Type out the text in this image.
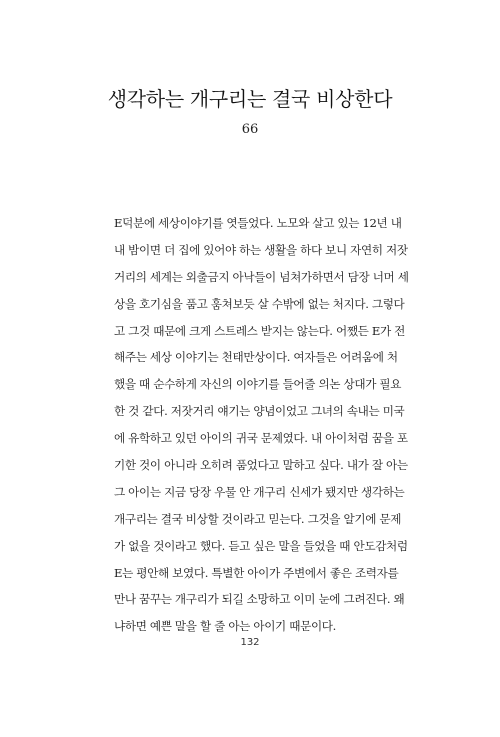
생각하는 개구리는 결국 비상한다
66
E덕분에 세상이야기를 엿들었다. 노모와 살고 있는 12년 내
내 밤이면 더 집에 있어야 하는 생활을 하다 보니 자연히 저잣
거리의 세계는 외출금지 아낙들이 넘쳐가하면서 담장 너머 세
상을 호기심을 품고 훔쳐보듯 살 수밖에 없는 처지다. 그렇다
고 그것 때문에 크게 스트레스 받지는 않는다. 어쨌든 E가 전
해주는 세상 이야기는 천태만상이다. 여자들은 어려움에 처
했을 때 순수하게 자신의 이야기를 들어줄 의논 상대가 필요
한 것 같다. 저잣거리 얘기는 양념이었고 그녀의 속내는 미국
에 유학하고 있던 아이의 귀국 문제였다. 내 아이처럼 꿈을 포
기한 것이 아니라 오히려 품었다고 말하고 싶다. 내가 잘 아는
그 아이는 지금 당장 우물 안 개구리 신세가 됐지만 생각하는
개구리는 결국 비상할 것이라고 믿는다. 그것을 알기에 문제
가 없을 것이라고 했다. 듣고 싶은 말을 들었을 때 안도감처럼
E는 평안해 보였다. 특별한 아이가 주변에서 좋은 조력자를
만나 꿈꾸는 개구리가 되길 소망하고 이미 눈에 그려진다. 왜
냐하면 예쁜 말을 할 줄 아는 아이기 때문이다.
132
